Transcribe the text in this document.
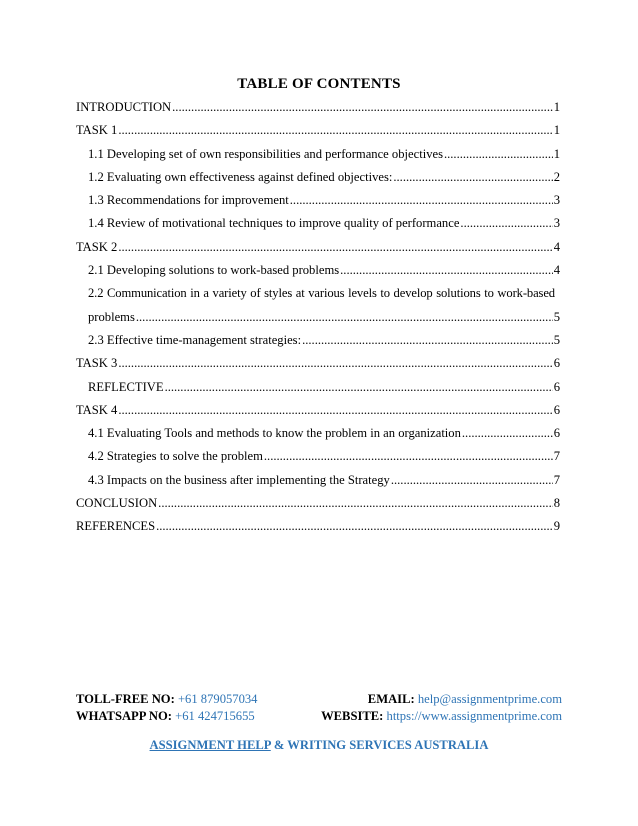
TABLE OF CONTENTS
INTRODUCTION .....	1
TASK 1 .....	1
1.1 Developing set of own responsibilities and performance objectives .....	1
1.2 Evaluating own effectiveness against defined objectives: .....	2
1.3 Recommendations for improvement .....	3
1.4 Review of motivational techniques to improve quality of performance .....	3
TASK 2 .....	4
2.1 Developing solutions to work-based problems .....	4
2.2 Communication in a variety of styles at various levels to develop solutions to work-based
problems .....	5
2.3 Effective time-management strategies: .....	5
TASK 3 .....	6
REFLECTIVE .....	6
TASK 4 .....	6
4.1 Evaluating Tools and methods to know the problem in an organization .....	6
4.2 Strategies to solve the problem .....	7
4.3 Impacts on the business after implementing the Strategy .....	7
CONCLUSION .....	8
REFERENCES .....	9
TOLL-FREE NO: +61 879057034	EMAIL: help@assignmentprime.com
WHATSAPP NO: +61 424715655	WEBSITE: https://www.assignmentprime.com
ASSIGNMENT HELP & WRITING SERVICES AUSTRALIA
